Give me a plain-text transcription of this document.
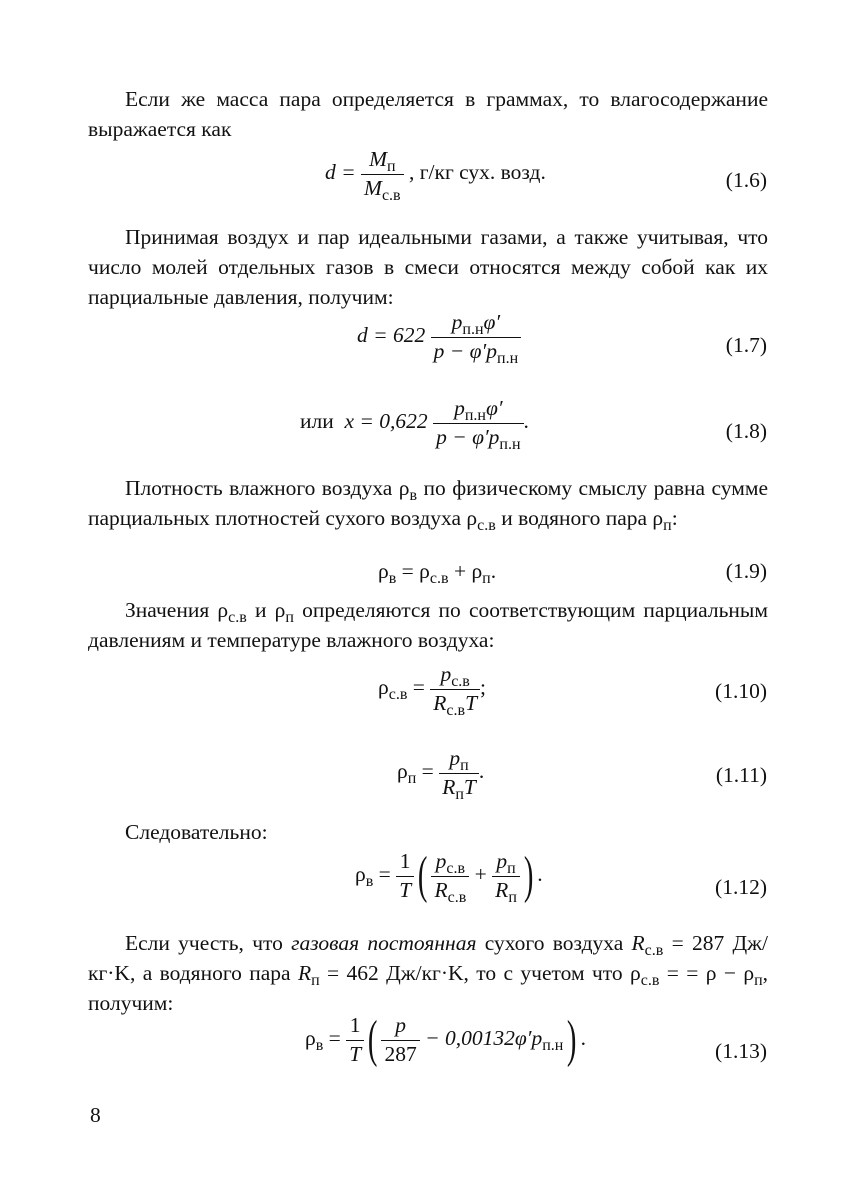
Если же масса пара определяется в граммах, то влагосодержание выражается как

$d = \frac{M_п}{M_{с.в}}$ , г/кг сух. возд.	(1.6)

Принимая воздух и пар идеальными газами, а также учитывая, что число молей отдельных газов в смеси относятся между собой как их парциальные давления, получим:

$d = 622 \frac{p_{п.н}\varphi'}{p - \varphi'p_{п.н}}$	(1.7)
или $x = 0,622 \frac{p_{п.н}\varphi'}{p - \varphi'p_{п.н}}$ .	(1.8)

Плотность влажного воздуха $\rho_в$ по физическому смыслу равна сумме парциальных плотностей сухого воздуха $\rho_{с.в}$ и водяного пара $\rho_п$:

$\rho_в = \rho_{с.в} + \rho_п$.	(1.9)

Значения $\rho_{с.в}$ и $\rho_п$ определяются по соответствующим парциальным давлениям и температуре влажного воздуха:

$\rho_{с.в} = \frac{p_{с.в}}{R_{с.в}T}$ ;	(1.10)
$\rho_п = \frac{p_п}{R_пT}$ .	(1.11)

Следовательно:

$\rho_в = \frac{1}{T}$ ( $\frac{p_{с.в}}{R_{с.в}} + \frac{p_п}{R_п}$ ) .
(1.12)

Если учесть, что газовая постоянная сухого воздуха $R_{с.в} = 287$ Дж/кг·K, а водяного пара $R_п = 462$ Дж/кг·K, то с учетом что $\rho_{с.в}$ = = $\rho - \rho_п$, получим:

$\rho_в = \frac{1}{T}$ ( $\frac{p}{287} - 0,00132\varphi'p_{п.н}$) .
(1.13)
8
